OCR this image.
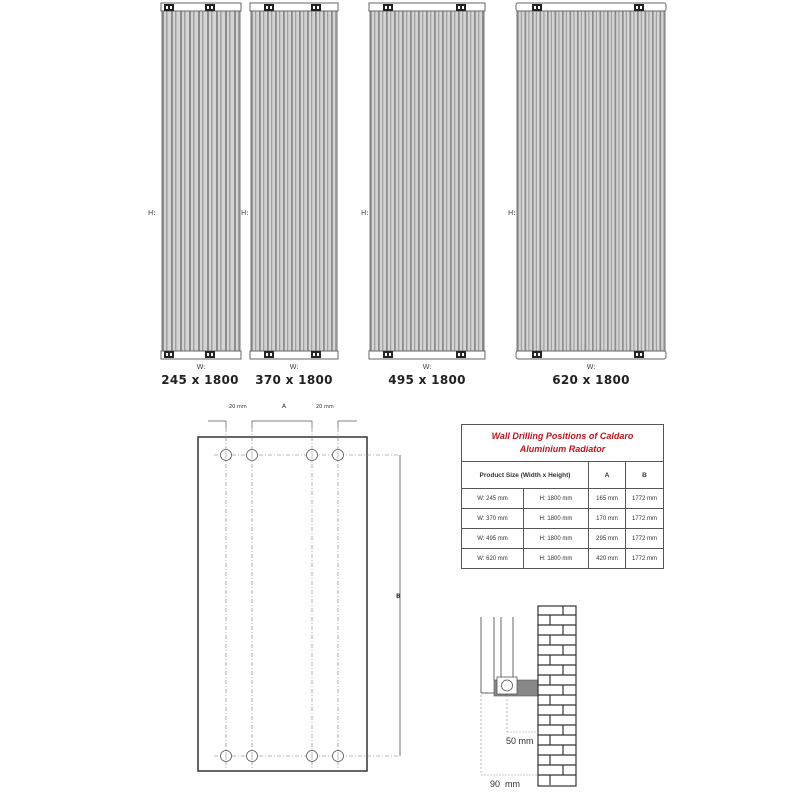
H:
W:
245 x 1800
H:
W:
370 x 1800
H:
W:
495 x 1800
H:
W:
620 x 1800
20 mm	A	20 mm
B
Wall Drilling Positions of Caldaro
Aluminium Radiator			
Product Size (Width x Height)		A	B
W: 245 mm	H: 1800 mm	165 mm	1772 mm
W: 370 mm	H: 1800 mm	170 mm	1772 mm
W: 495 mm	H: 1800 mm	295 mm	1772 mm
W: 620 mm	H: 1800 mm	420 mm	1772 mm
50 mm
90  mm
